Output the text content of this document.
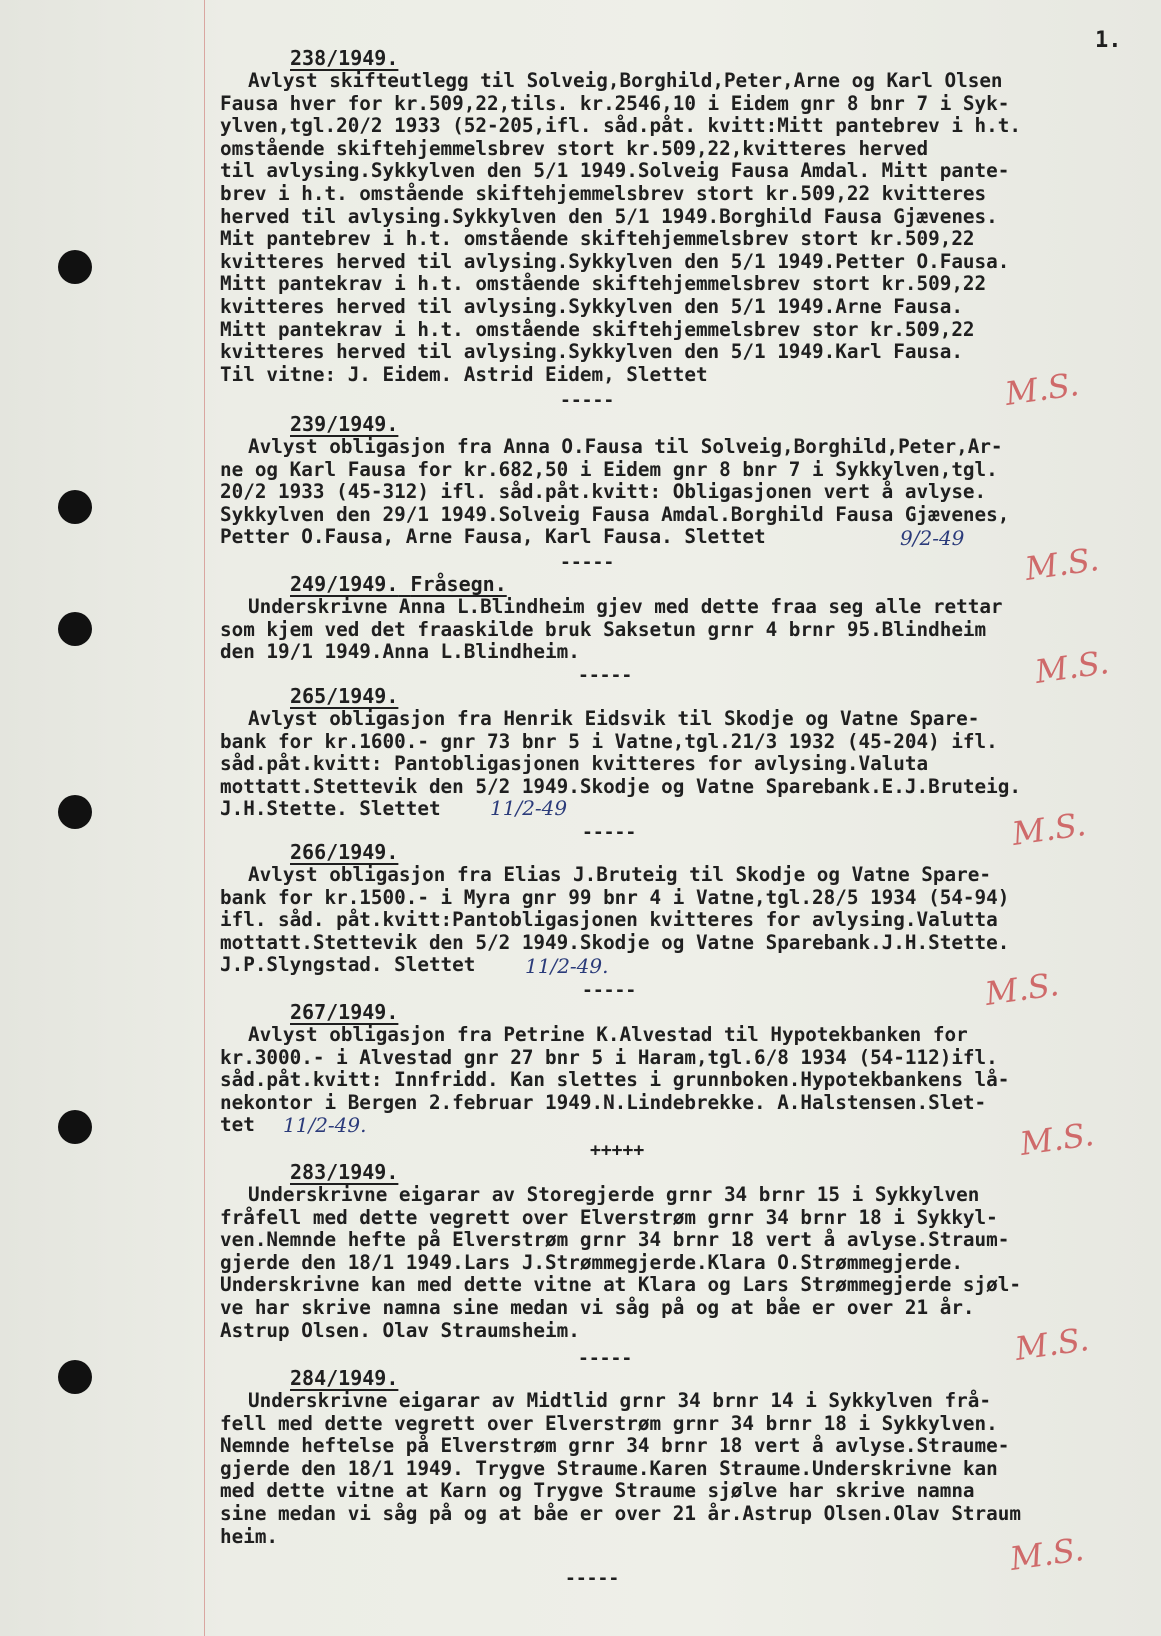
1.
238/1949.
Avlyst skifteutlegg til Solveig,Borghild,Peter,Arne og Karl Olsen
Fausa hver for kr.509,22,tils. kr.2546,10 i Eidem gnr 8 bnr 7 i Syk-
ylven,tgl.20/2 1933 (52-205,ifl. såd.påt. kvitt:Mitt pantebrev i h.t.
omstående skiftehjemmelsbrev stort kr.509,22,kvitteres herved
til avlysing.Sykkylven den 5/1 1949.Solveig Fausa Amdal. Mitt pante-
brev i h.t. omstående skiftehjemmelsbrev stort kr.509,22 kvitteres
herved til avlysing.Sykkylven den 5/1 1949.Borghild Fausa Gjævenes.
Mit pantebrev i h.t. omstående skiftehjemmelsbrev stort kr.509,22
kvitteres herved til avlysing.Sykkylven den 5/1 1949.Petter O.Fausa.
Mitt pantekrav i h.t. omstående skiftehjemmelsbrev stort kr.509,22
kvitteres herved til avlysing.Sykkylven den 5/1 1949.Arne Fausa.
Mitt pantekrav i h.t. omstående skiftehjemmelsbrev stor kr.509,22
kvitteres herved til avlysing.Sykkylven den 5/1 1949.Karl Fausa.
Til vitne: J. Eidem. Astrid Eidem, Slettet
-----	M.S.
239/1949.
Avlyst obligasjon fra Anna O.Fausa til Solveig,Borghild,Peter,Ar-
ne og Karl Fausa for kr.682,50 i Eidem gnr 8 bnr 7 i Sykkylven,tgl.
20/2 1933 (45-312) ifl. såd.påt.kvitt: Obligasjonen vert å avlyse.
Sykkylven den 29/1 1949.Solveig Fausa Amdal.Borghild Fausa Gjævenes,
Petter O.Fausa, Arne Fausa, Karl Fausa. Slettet	9/2-49
-----	M.S.
249/1949. Fråsegn.
Underskrivne Anna L.Blindheim gjev med dette fraa seg alle rettar
som kjem ved det fraaskilde bruk Saksetun grnr 4 brnr 95.Blindheim
den 19/1 1949.Anna L.Blindheim.
-----	M.S.
265/1949.
Avlyst obligasjon fra Henrik Eidsvik til Skodje og Vatne Spare-
bank for kr.1600.- gnr 73 bnr 5 i Vatne,tgl.21/3 1932 (45-204) ifl.
såd.påt.kvitt: Pantobligasjonen kvitteres for avlysing.Valuta
mottatt.Stettevik den 5/2 1949.Skodje og Vatne Sparebank.E.J.Bruteig.
J.H.Stette. Slettet	11/2-49
-----	M.S.
266/1949.
Avlyst obligasjon fra Elias J.Bruteig til Skodje og Vatne Spare-
bank for kr.1500.- i Myra gnr 99 bnr 4 i Vatne,tgl.28/5 1934 (54-94)
ifl. såd. påt.kvitt:Pantobligasjonen kvitteres for avlysing.Valutta
mottatt.Stettevik den 5/2 1949.Skodje og Vatne Sparebank.J.H.Stette.
J.P.Slyngstad. Slettet	11/2-49.
-----	M.S.
267/1949.
Avlyst obligasjon fra Petrine K.Alvestad til Hypotekbanken for
kr.3000.- i Alvestad gnr 27 bnr 5 i Haram,tgl.6/8 1934 (54-112)ifl.
såd.påt.kvitt: Innfridd. Kan slettes i grunnboken.Hypotekbankens lå-
nekontor i Bergen 2.februar 1949.N.Lindebrekke. A.Halstensen.Slet-
tet	11/2-49.
+++++	M.S.
283/1949.
Underskrivne eigarar av Storegjerde grnr 34 brnr 15 i Sykkylven
fråfell med dette vegrett over Elverstrøm grnr 34 brnr 18 i Sykkyl-
ven.Nemnde hefte på Elverstrøm grnr 34 brnr 18 vert å avlyse.Straum-
gjerde den 18/1 1949.Lars J.Strømmegjerde.Klara O.Strømmegjerde.
Underskrivne kan med dette vitne at Klara og Lars Strømmegjerde sjøl-
ve har skrive namna sine medan vi såg på og at båe er over 21 år.
Astrup Olsen. Olav Straumsheim.
-----	M.S.
284/1949.
Underskrivne eigarar av Midtlid grnr 34 brnr 14 i Sykkylven frå-
fell med dette vegrett over Elverstrøm grnr 34 brnr 18 i Sykkylven.
Nemnde heftelse på Elverstrøm grnr 34 brnr 18 vert å avlyse.Straume-
gjerde den 18/1 1949. Trygve Straume.Karen Straume.Underskrivne kan
med dette vitne at Karn og Trygve Straume sjølve har skrive namna
sine medan vi såg på og at båe er over 21 år.Astrup Olsen.Olav Straum
heim.
-----
M.S.
